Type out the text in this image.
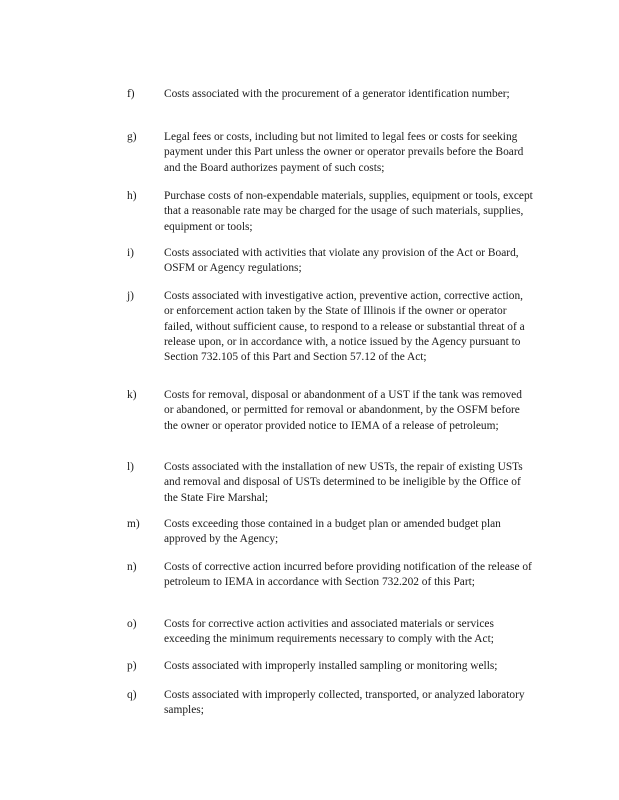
f)	Costs associated with the procurement of a generator identification number;
g) Legal fees or costs, including but not limited to legal fees or costs for seeking payment under this Part unless the owner or operator prevails before the Board and the Board authorizes payment of such costs;
h) Purchase costs of non-expendable materials, supplies, equipment or tools, except that a reasonable rate may be charged for the usage of such materials, supplies, equipment or tools;
i)	Costs associated with activities that violate any provision of the Act or Board, OSFM or Agency regulations;
j)	Costs associated with investigative action, preventive action, corrective action, or enforcement action taken by the State of Illinois if the owner or operator failed, without sufficient cause, to respond to a release or substantial threat of a release upon, or in accordance with, a notice issued by the Agency pursuant to Section 732.105 of this Part and Section 57.12 of the Act;
k) Costs for removal, disposal or abandonment of a UST if the tank was removed or abandoned, or permitted for removal or abandonment, by the OSFM before the owner or operator provided notice to IEMA of a release of petroleum;
l)	Costs associated with the installation of new USTs, the repair of existing USTs and removal and disposal of USTs determined to be ineligible by the Office of the State Fire Marshal;
m) Costs exceeding those contained in a budget plan or amended budget plan approved by the Agency;
n) Costs of corrective action incurred before providing notification of the release of petroleum to IEMA in accordance with Section 732.202 of this Part;
o) Costs for corrective action activities and associated materials or services exceeding the minimum requirements necessary to comply with the Act;
p) Costs associated with improperly installed sampling or monitoring wells;
q) Costs associated with improperly collected, transported, or analyzed laboratory samples;
